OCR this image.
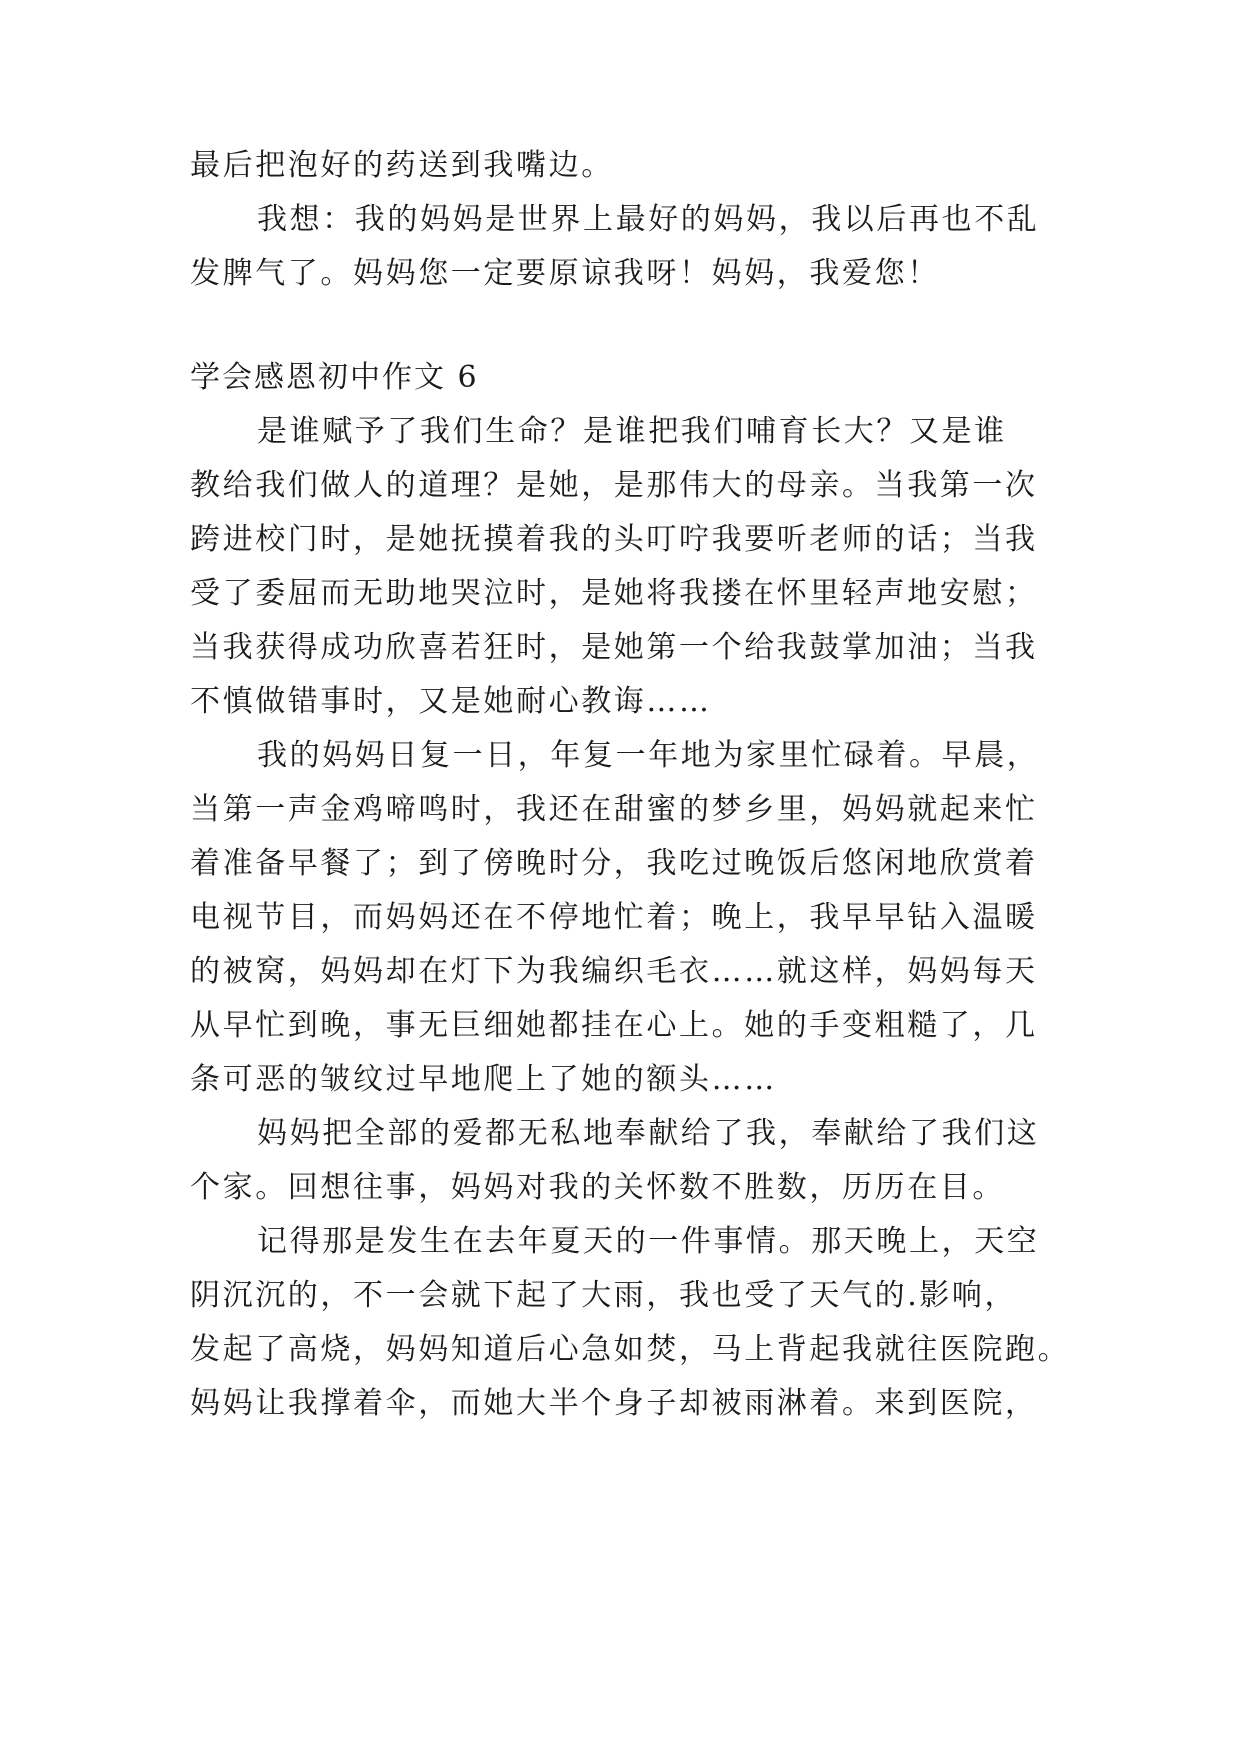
最后把泡好的药送到我嘴边。
我想：我的妈妈是世界上最好的妈妈，我以后再也不乱
发脾气了。妈妈您一定要原谅我呀！妈妈，我爱您！
学会感恩初中作文 6
是谁赋予了我们生命？是谁把我们哺育长大？又是谁
教给我们做人的道理？是她，是那伟大的母亲。当我第一次
跨进校门时，是她抚摸着我的头叮咛我要听老师的话；当我
受了委屈而无助地哭泣时，是她将我搂在怀里轻声地安慰；
当我获得成功欣喜若狂时，是她第一个给我鼓掌加油；当我
不慎做错事时，又是她耐心教诲……
我的妈妈日复一日，年复一年地为家里忙碌着。早晨，
当第一声金鸡啼鸣时，我还在甜蜜的梦乡里，妈妈就起来忙
着准备早餐了；到了傍晚时分，我吃过晚饭后悠闲地欣赏着
电视节目，而妈妈还在不停地忙着；晚上，我早早钻入温暖
的被窝，妈妈却在灯下为我编织毛衣……就这样，妈妈每天
从早忙到晚，事无巨细她都挂在心上。她的手变粗糙了，几
条可恶的皱纹过早地爬上了她的额头……
妈妈把全部的爱都无私地奉献给了我，奉献给了我们这
个家。回想往事，妈妈对我的关怀数不胜数，历历在目。
记得那是发生在去年夏天的一件事情。那天晚上，天空
阴沉沉的，不一会就下起了大雨，我也受了天气的.影响，
发起了高烧，妈妈知道后心急如焚，马上背起我就往医院跑。
妈妈让我撑着伞，而她大半个身子却被雨淋着。来到医院，
